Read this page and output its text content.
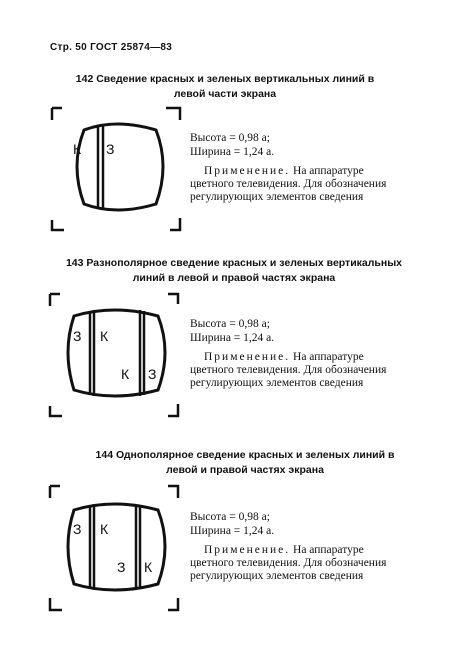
Стр. 50 ГОСТ 25874—83
142 Сведение красных и зеленых вертикальных линий в левой части экрана
К З
Высота = 0,98 a;
Ширина = 1,24 a.
Применение. На аппаратуре цветного телевидения. Для обозначения регулирующих элементов сведения
143 Разнополярное сведение красных и зеленых вертикальных линий в левой и правой частях экрана
З К
К З
Высота = 0,98 a;
Ширина = 1,24 a.
Применение. На аппаратуре цветного телевидения. Для обозначения регулирующих элементов сведения
144 Однополярное сведение красных и зеленых линий в левой и правой частях экрана
З К
З К
Высота = 0,98 a;
Ширина = 1,24 a.
Применение. На аппаратуре цветного телевидения. Для обозначения регулирующих элементов сведения
